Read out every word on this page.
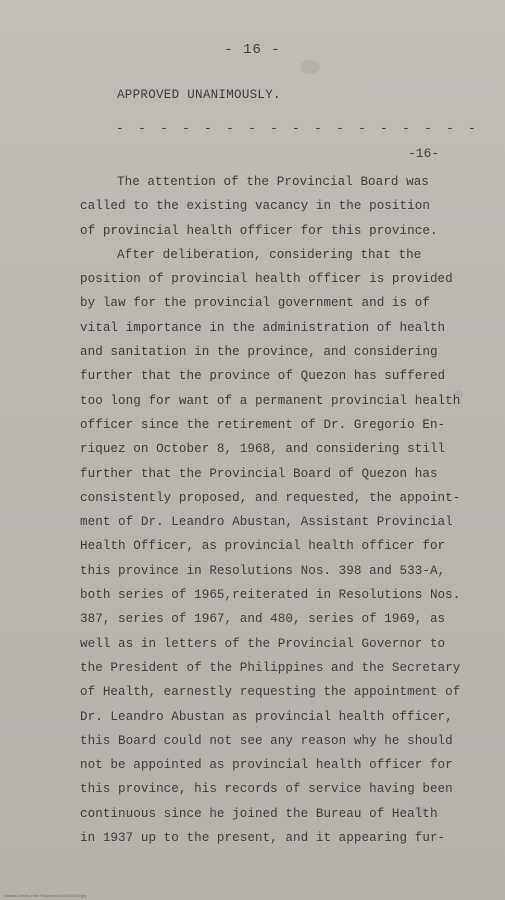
- 16 -
APPROVED UNANIMOUSLY.
- - - - - - - - - - - - - - - - -
-16-
The attention of the Provincial Board was
called to the existing vacancy in the position
of provincial health officer for this province.
After deliberation, considering that the
position of provincial health officer is provided
by law for the provincial government and is of
vital importance in the administration of health
and sanitation in the province, and considering
further that the province of Quezon has suffered
too long for want of a permanent provincial health
officer since the retirement of Dr. Gregorio En-
riquez on October 8, 1968, and considering still
further that the Provincial Board of Quezon has
consistently proposed, and requested, the appoint-
ment of Dr. Leandro Abustan, Assistant Provincial
Health Officer, as provincial health officer for
this province in Resolutions Nos. 398 and 533-A,
both series of 1965,reiterated in Resolutions Nos.
387, series of 1967, and 480, series of 1969, as
well as in letters of the Provincial Governor to
the President of the Philippines and the Secretary
of Health, earnestly requesting the appointment of
Dr. Leandro Abustan as provincial health officer,
this Board could not see any reason why he should
not be appointed as provincial health officer for
this province, his records of service having been
continuous since he joined the Bureau of Health
in 1937 up to the present, and it appearing fur-
National Library of the Philippines 00000000000.jpg
